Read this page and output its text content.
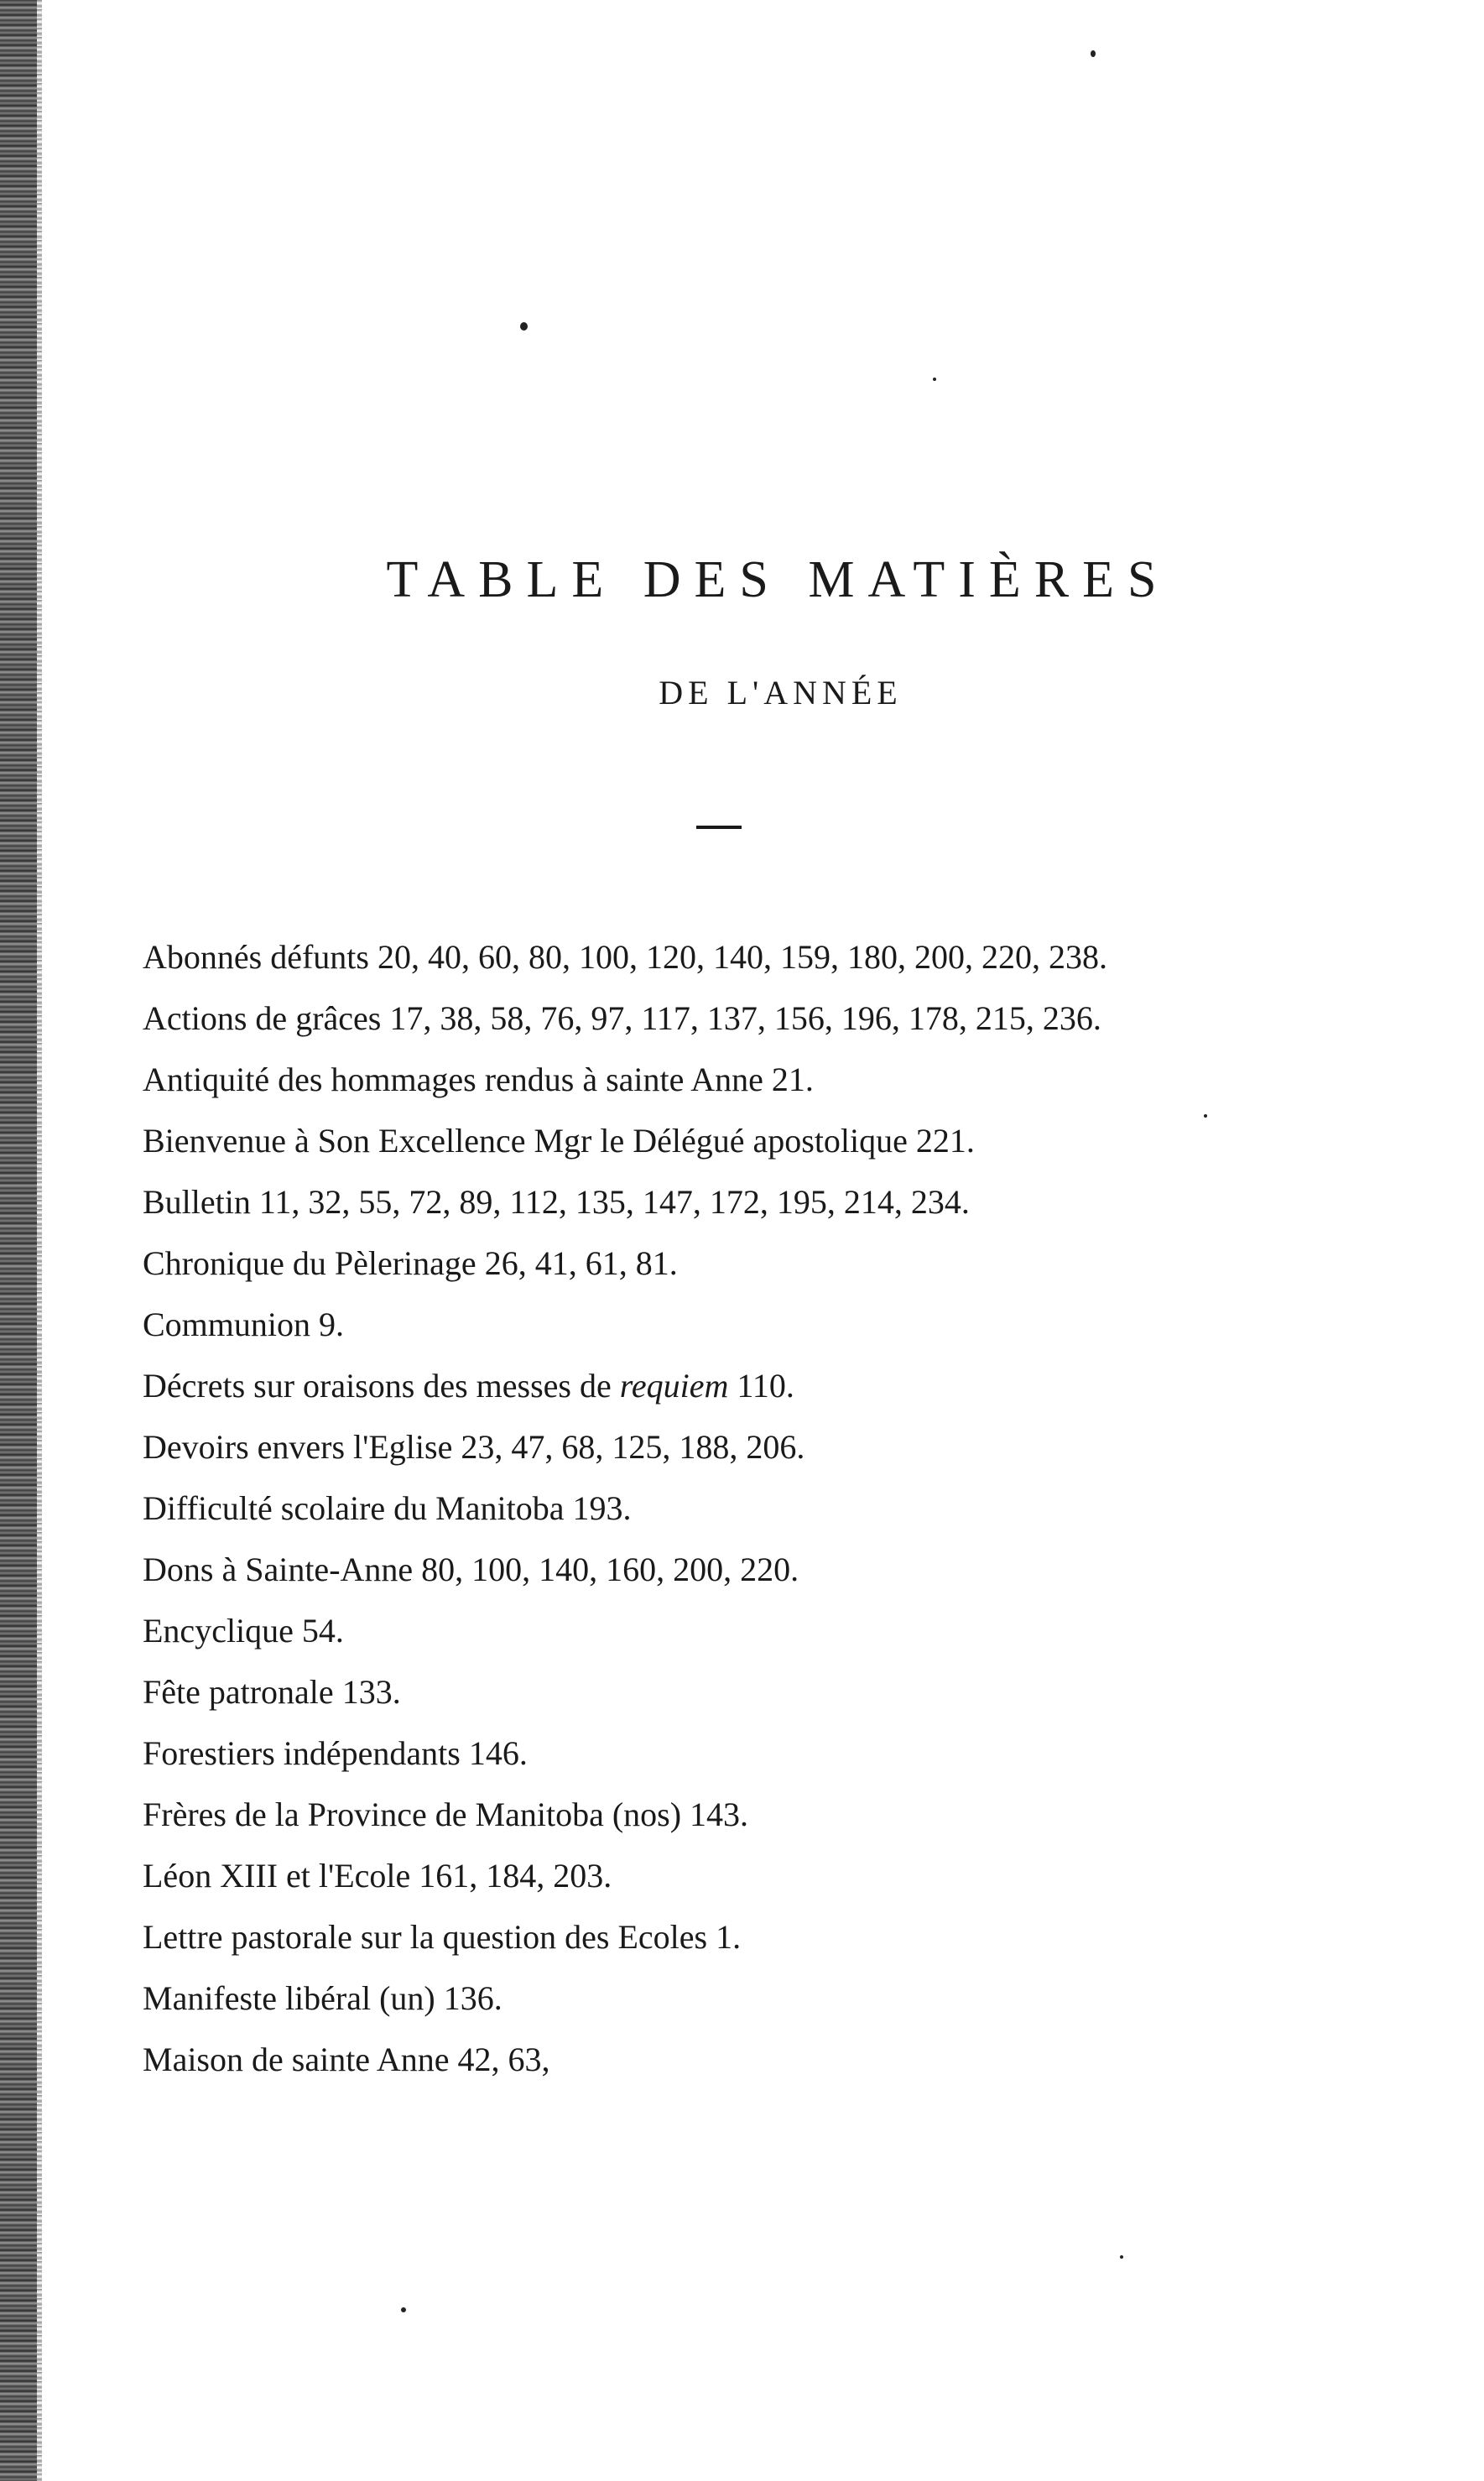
TABLE DES MATIÈRES
DE L'ANNÉE
Abonnés défunts 20, 40, 60, 80, 100, 120, 140, 159, 180, 200, 220, 238.
Actions de grâces 17, 38, 58, 76, 97, 117, 137, 156, 196, 178, 215, 236.
Antiquité des hommages rendus à sainte Anne 21.
Bienvenue à Son Excellence Mgr le Délégué apostolique 221.
Bulletin 11, 32, 55, 72, 89, 112, 135, 147, 172, 195, 214, 234.
Chronique du Pèlerinage 26, 41, 61, 81.
Communion 9.
Décrets sur oraisons des messes de requiem 110.
Devoirs envers l'Eglise 23, 47, 68, 125, 188, 206.
Difficulté scolaire du Manitoba 193.
Dons à Sainte-Anne 80, 100, 140, 160, 200, 220.
Encyclique 54.
Fête patronale 133.
Forestiers indépendants 146.
Frères de la Province de Manitoba (nos) 143.
Léon XIII et l'Ecole 161, 184, 203.
Lettre pastorale sur la question des Ecoles 1.
Manifeste libéral (un) 136.
Maison de sainte Anne 42, 63,
